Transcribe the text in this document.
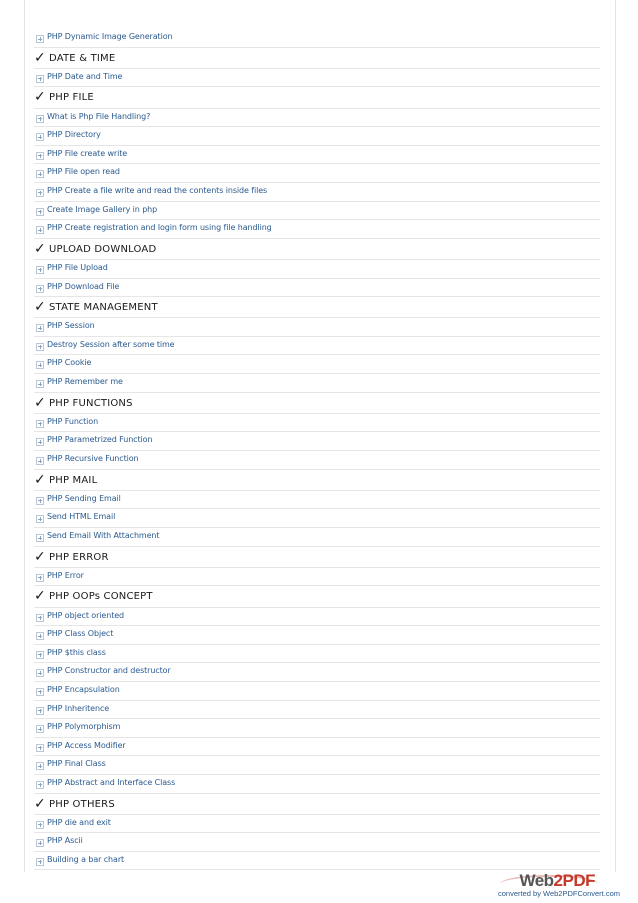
PHP Dynamic Image Generation
✓ DATE & TIME
PHP Date and Time
✓ PHP FILE
What is Php File Handling?
PHP Directory
PHP File create write
PHP File open read
PHP Create a file write and read the contents inside files
Create Image Gallery in php
PHP Create registration and login form using file handling
✓ UPLOAD DOWNLOAD
PHP File Upload
PHP Download File
✓ STATE MANAGEMENT
PHP Session
Destroy Session after some time
PHP Cookie
PHP Remember me
✓ PHP FUNCTIONS
PHP Function
PHP Parametrized Function
PHP Recursive Function
✓ PHP MAIL
PHP Sending Email
Send HTML Email
Send Email With Attachment
✓ PHP ERROR
PHP Error
✓ PHP OOPs CONCEPT
PHP object oriented
PHP Class Object
PHP $this class
PHP Constructor and destructor
PHP Encapsulation
PHP Inheritence
PHP Polymorphism
PHP Access Modifier
PHP Final Class
PHP Abstract and Interface Class
✓ PHP OTHERS
PHP die and exit
PHP Ascii
Building a bar chart
Web2PDF
converted by Web2PDFConvert.com
